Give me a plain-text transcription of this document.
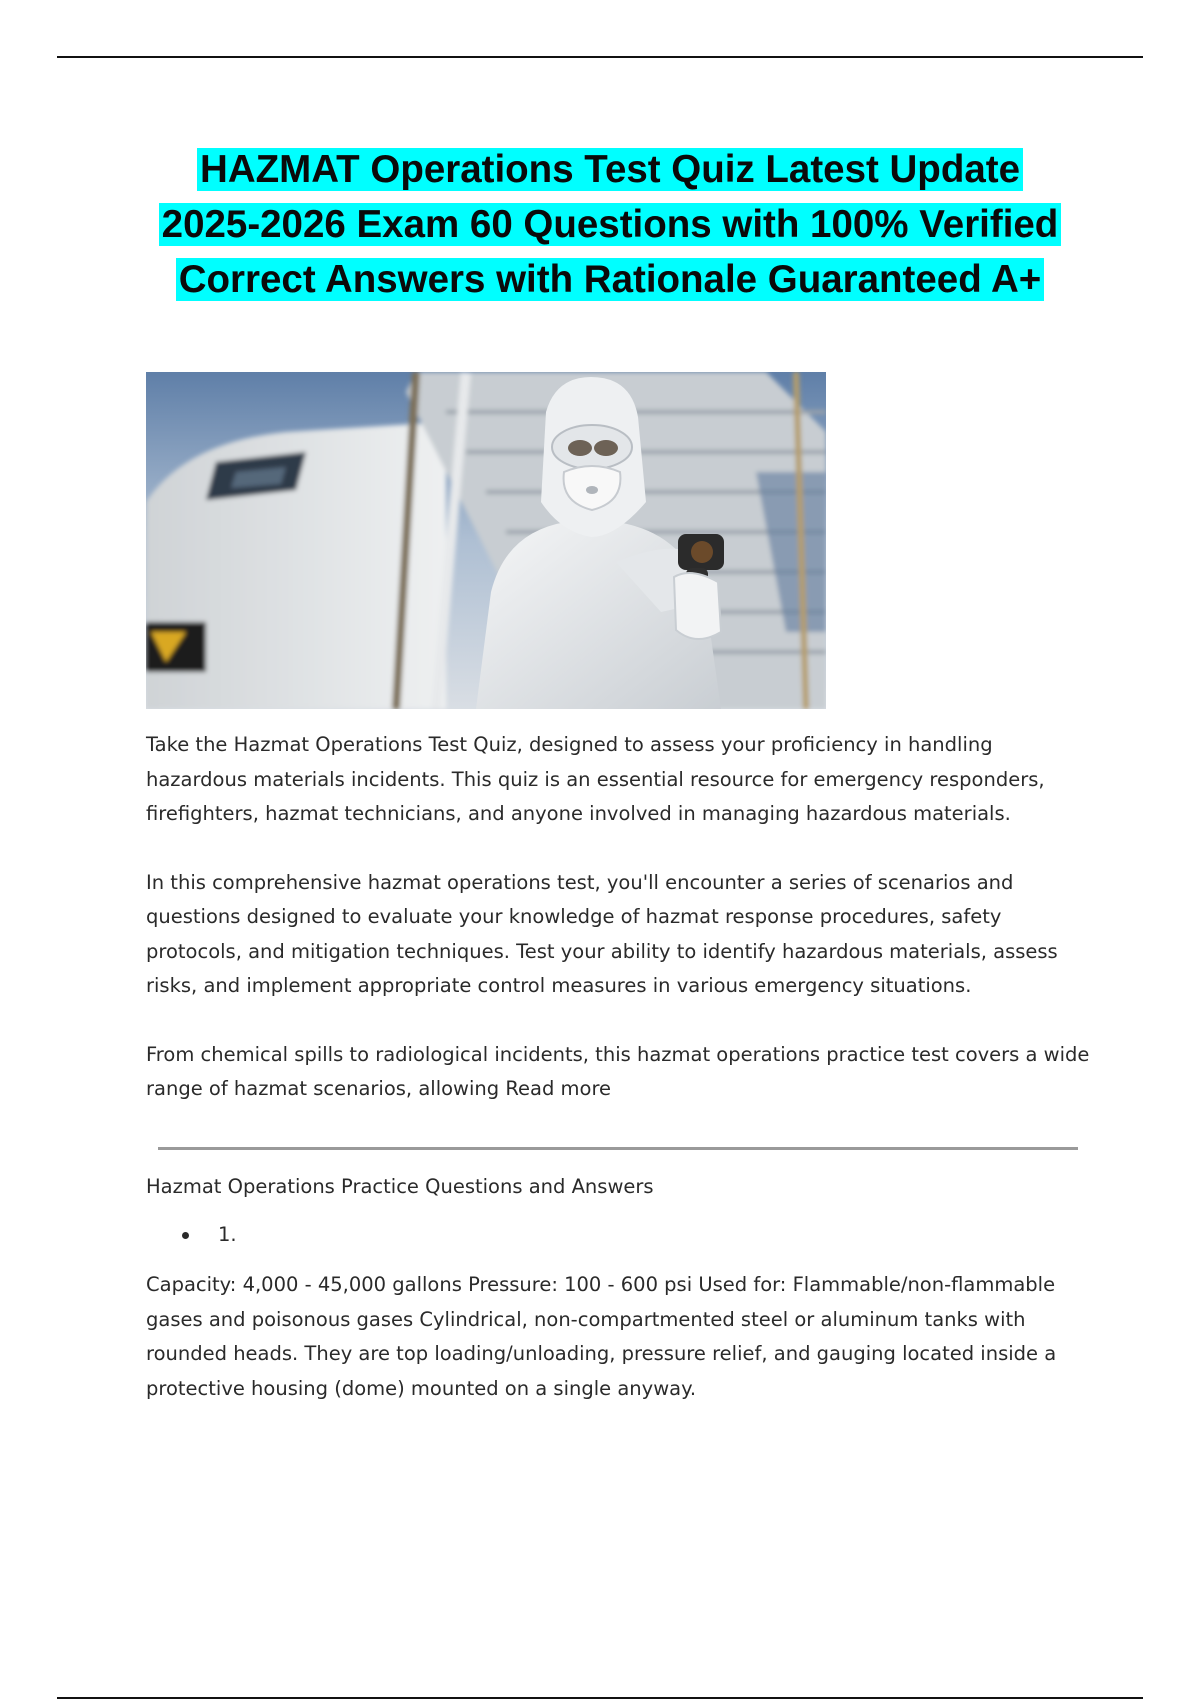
HAZMAT Operations Test Quiz Latest Update
2025-2026 Exam 60 Questions with 100% Verified
Correct Answers with Rationale Guaranteed A+

Take the Hazmat Operations Test Quiz, designed to assess your proficiency in handling hazardous materials incidents. This quiz is an essential resource for emergency responders, firefighters, hazmat technicians, and anyone involved in managing hazardous materials.

In this comprehensive hazmat operations test, you'll encounter a series of scenarios and questions designed to evaluate your knowledge of hazmat response procedures, safety protocols, and mitigation techniques. Test your ability to identify hazardous materials, assess risks, and implement appropriate control measures in various emergency situations.

From chemical spills to radiological incidents, this hazmat operations practice test covers a wide range of hazmat scenarios, allowing Read more

Hazmat Operations Practice Questions and Answers

1.

Capacity: 4,000 - 45,000 gallons Pressure: 100 - 600 psi Used for: Flammable/non-flammable gases and poisonous gases Cylindrical, non-compartmented steel or aluminum tanks with rounded heads. They are top loading/unloading, pressure relief, and gauging located inside a protective housing (dome) mounted on a single anyway.
